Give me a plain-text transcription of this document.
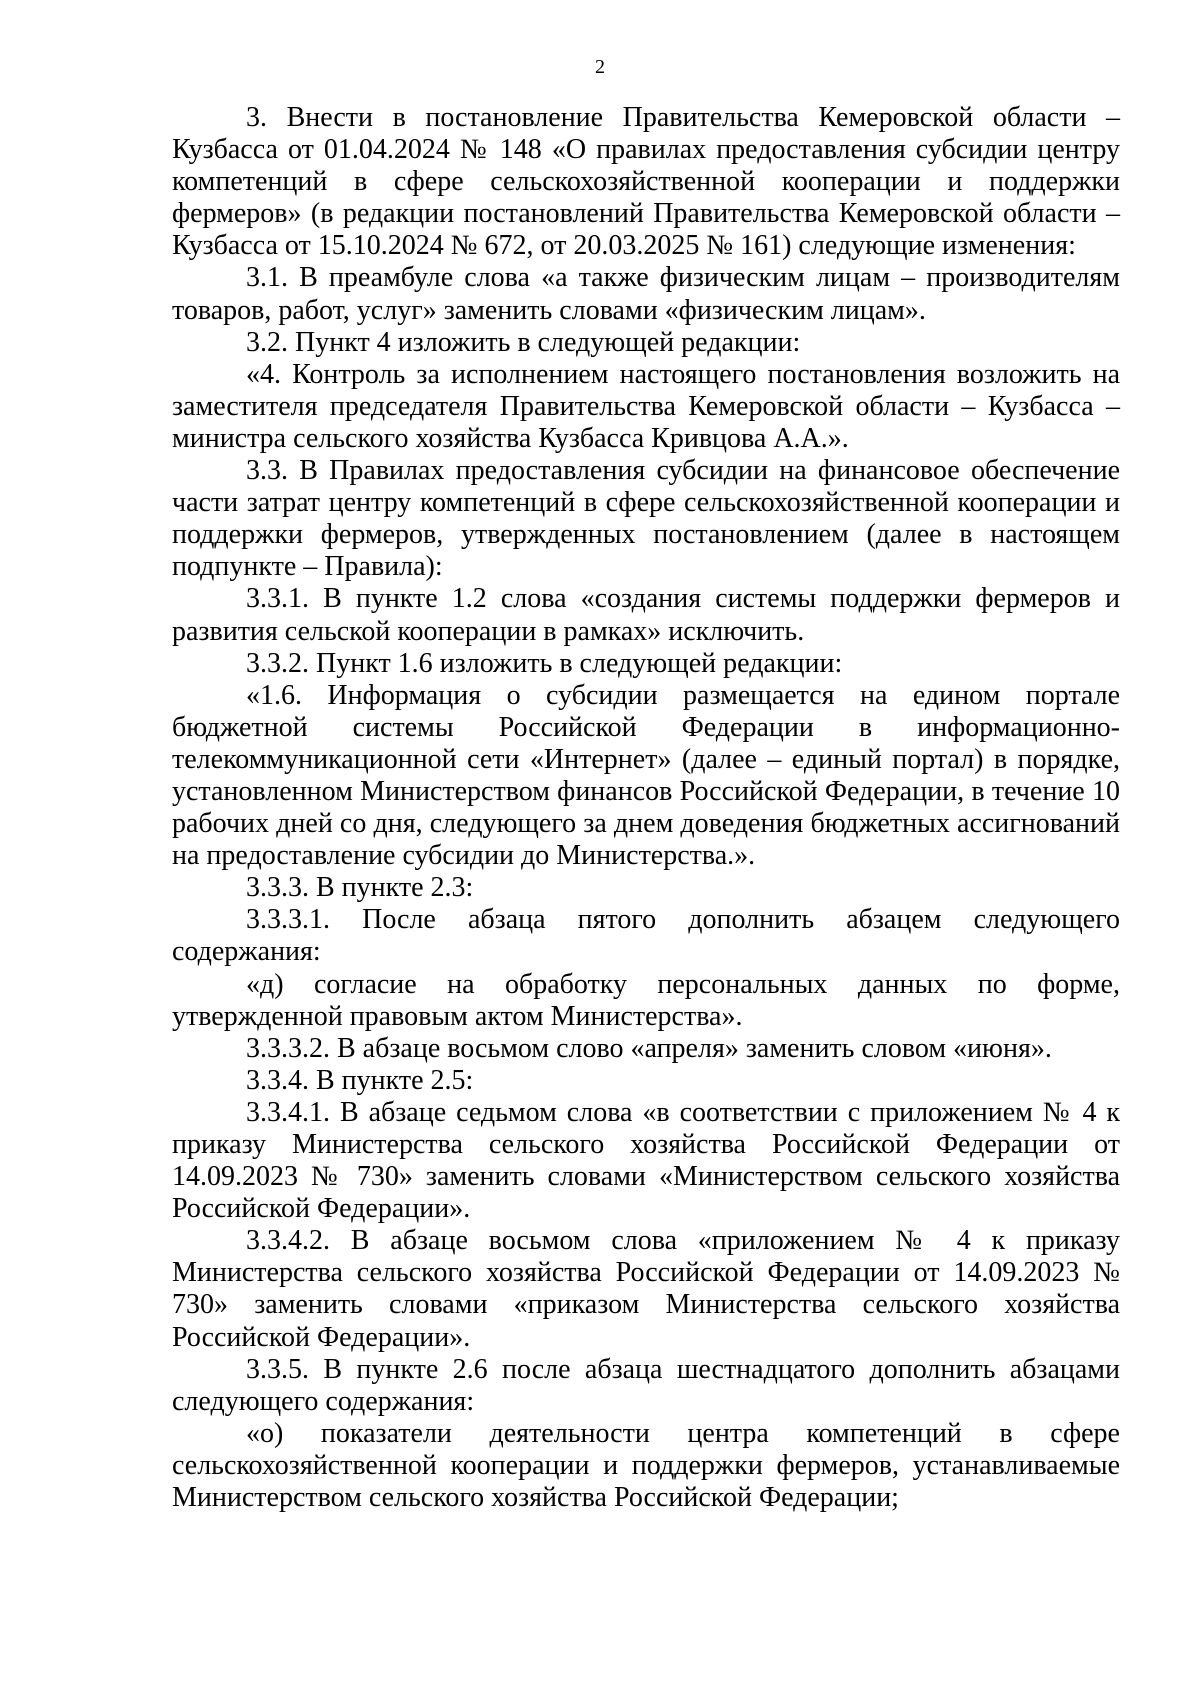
2

3. Внести в постановление Правительства Кемеровской области – Кузбасса от 01.04.2024 № 148 «О правилах предоставления субсидии центру компетенций в сфере сельскохозяйственной кооперации и поддержки фермеров» (в редакции постановлений Правительства Кемеровской области – Кузбасса от 15.10.2024 № 672, от 20.03.2025 № 161) следующие изменения:

3.1. В преамбуле слова «а также физическим лицам – производителям товаров, работ, услуг» заменить словами «физическим лицам».

3.2. Пункт 4 изложить в следующей редакции:

«4. Контроль за исполнением настоящего постановления возложить на заместителя председателя Правительства Кемеровской области – Кузбасса – министра сельского хозяйства Кузбасса Кривцова А.А.».

3.3. В Правилах предоставления субсидии на финансовое обеспечение части затрат центру компетенций в сфере сельскохозяйственной кооперации и поддержки фермеров, утвержденных постановлением (далее в настоящем подпункте – Правила):

3.3.1. В пункте 1.2 слова «создания системы поддержки фермеров и развития сельской кооперации в рамках» исключить.

3.3.2. Пункт 1.6 изложить в следующей редакции:

«1.6. Информация о субсидии размещается на едином портале бюджетной системы Российской Федерации в информационно-телекоммуникационной сети «Интернет» (далее – единый портал) в порядке, установленном Министерством финансов Российской Федерации, в течение 10 рабочих дней со дня, следующего за днем доведения бюджетных ассигнований на предоставление субсидии до Министерства.».

3.3.3. В пункте 2.3:

3.3.3.1. После абзаца пятого дополнить абзацем следующего содержания:

«д) согласие на обработку персональных данных по форме, утвержденной правовым актом Министерства».

3.3.3.2. В абзаце восьмом слово «апреля» заменить словом «июня».

3.3.4. В пункте 2.5:

3.3.4.1. В абзаце седьмом слова «в соответствии с приложением № 4 к приказу Министерства сельского хозяйства Российской Федерации от 14.09.2023 № 730» заменить словами «Министерством сельского хозяйства Российской Федерации».

3.3.4.2. В абзаце восьмом слова «приложением № 4 к приказу Министерства сельского хозяйства Российской Федерации от 14.09.2023 № 730» заменить словами «приказом Министерства сельского хозяйства Российской Федерации».

3.3.5. В пункте 2.6 после абзаца шестнадцатого дополнить абзацами следующего содержания:

«о) показатели деятельности центра компетенций в сфере сельскохозяйственной кооперации и поддержки фермеров, устанавливаемые Министерством сельского хозяйства Российской Федерации;
